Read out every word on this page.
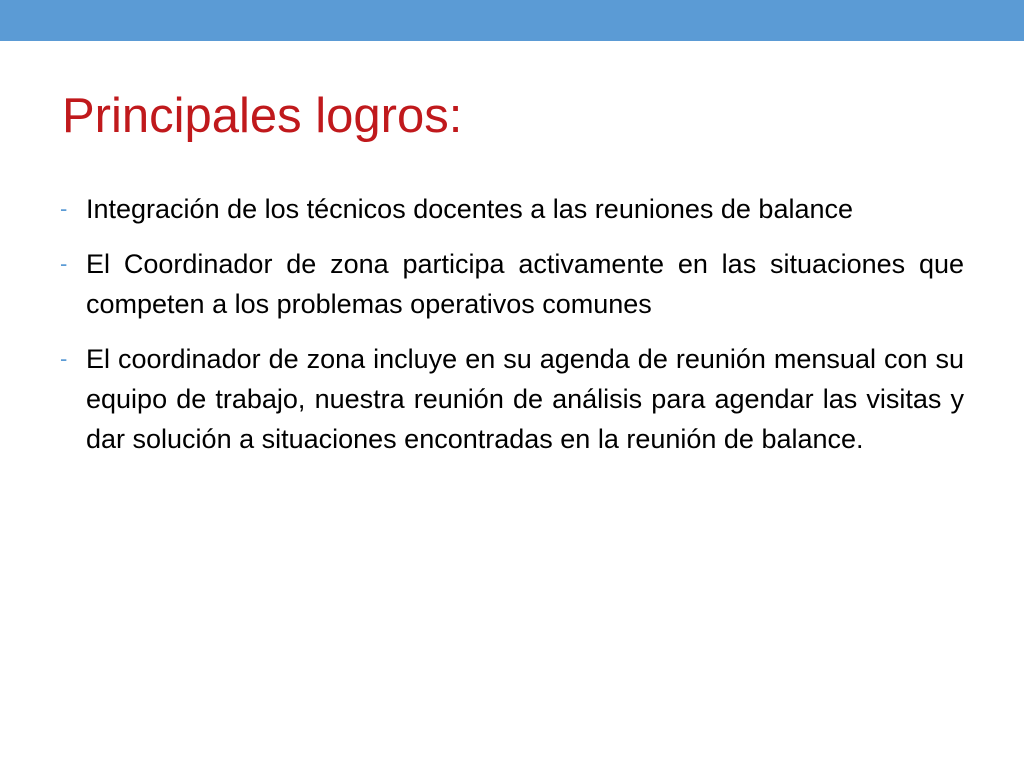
Principales logros:
- Integración de los técnicos docentes a las reuniones de balance
- El Coordinador de zona participa activamente en las situaciones que competen a los problemas operativos comunes
- El coordinador de zona incluye en su agenda de reunión mensual con su equipo de trabajo, nuestra reunión de análisis para agendar las visitas y dar solución a situaciones encontradas en la reunión de balance.
